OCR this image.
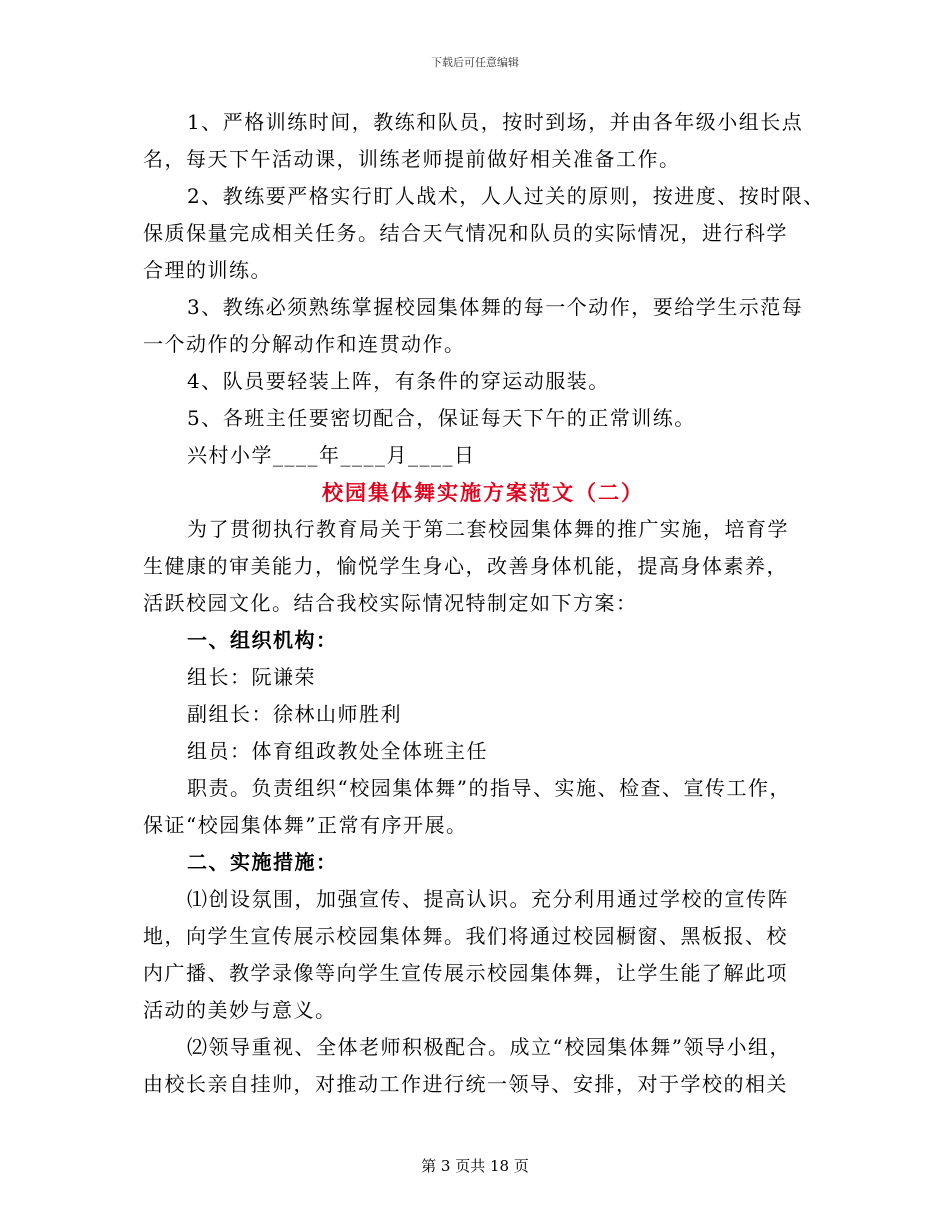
下载后可任意编辑

1、严格训练时间，教练和队员，按时到场，并由各年级小组长点

名，每天下午活动课，训练老师提前做好相关准备工作。

2、教练要严格实行盯人战术，人人过关的原则，按进度、按时限、

保质保量完成相关任务。结合天气情况和队员的实际情况，进行科学

合理的训练。

3、教练必须熟练掌握校园集体舞的每一个动作，要给学生示范每

一个动作的分解动作和连贯动作。

4、队员要轻装上阵，有条件的穿运动服装。

5、各班主任要密切配合，保证每天下午的正常训练。

兴村小学____年____月____日

校园集体舞实施方案范文（二）

为了贯彻执行教育局关于第二套校园集体舞的推广实施，培育学

生健康的审美能力，愉悦学生身心，改善身体机能，提高身体素养，

活跃校园文化。结合我校实际情况特制定如下方案：

一、组织机构：

组长：阮谦荣

副组长：徐林山师胜利

组员：体育组政教处全体班主任

职责。负责组织“校园集体舞”的指导、实施、检查、宣传工作，

保证“校园集体舞”正常有序开展。

二、实施措施：

⑴创设氛围，加强宣传、提高认识。充分利用通过学校的宣传阵

地，向学生宣传展示校园集体舞。我们将通过校园橱窗、黑板报、校

内广播、教学录像等向学生宣传展示校园集体舞，让学生能了解此项

活动的美妙与意义。

⑵领导重视、全体老师积极配合。成立“校园集体舞”领导小组，

由校长亲自挂帅，对推动工作进行统一领导、安排，对于学校的相关

第 3 页共 18 页
